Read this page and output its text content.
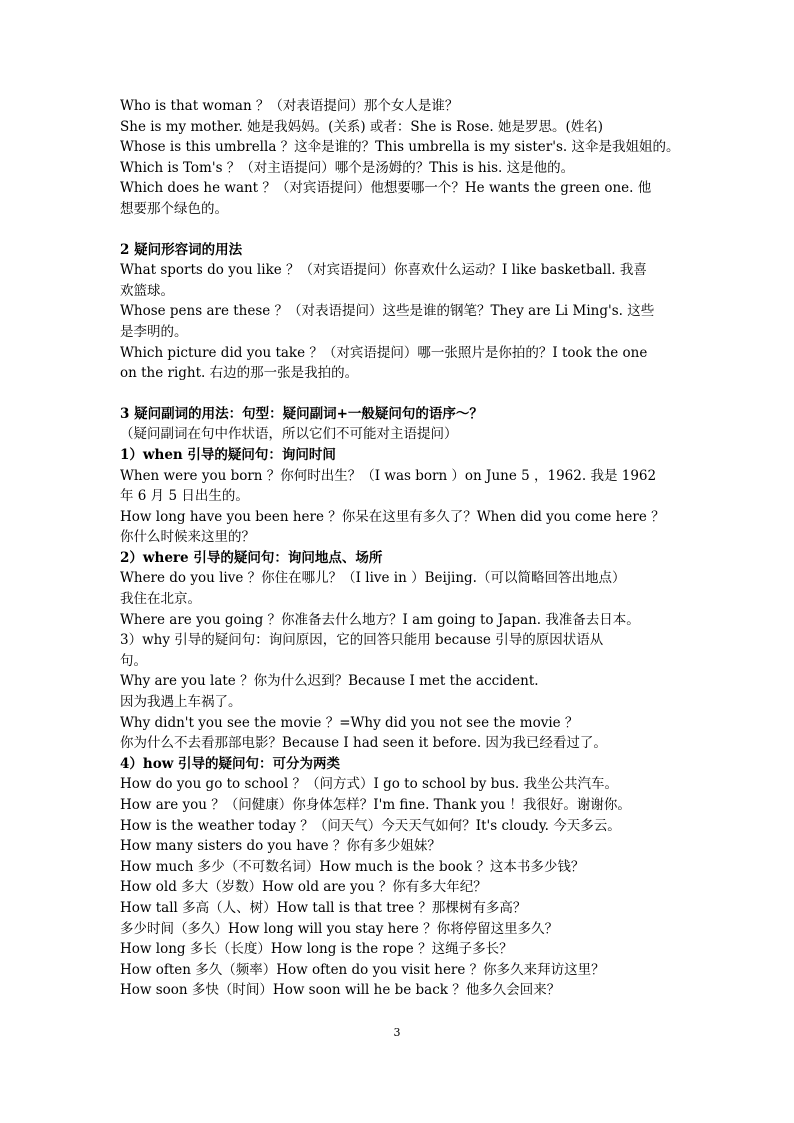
Who is that woman ？（对表语提问）那个女人是谁？
She is my mother. 她是我妈妈。(关系) 或者：She is Rose. 她是罗思。(姓名)
Whose is this umbrella ？这伞是谁的？This umbrella is my sister's. 这伞是我姐姐的。
Which is Tom's ？（对主语提问）哪个是汤姆的？This is his. 这是他的。
Which does he want ？（对宾语提问）他想要哪一个？He wants the green one. 他
想要那个绿色的。
2 疑问形容词的用法
What sports do you like ？（对宾语提问）你喜欢什么运动？I like basketball. 我喜
欢篮球。
Whose pens are these ？（对表语提问）这些是谁的钢笔？They are Li Ming's. 这些
是李明的。
Which picture did you take ？（对宾语提问）哪一张照片是你拍的？I took the one
on the right. 右边的那一张是我拍的。
3 疑问副词的用法：句型：疑问副词+一般疑问句的语序～？
（疑问副词在句中作状语，所以它们不可能对主语提问）
1）when 引导的疑问句：询问时间
When were you born ？你何时出生？（I was born ）on June 5 ，1962. 我是 1962
年 6 月 5 日出生的。
How long have you been here ？你呆在这里有多久了？When did you come here ？
你什么时候来这里的？
2）where 引导的疑问句：询问地点、场所
Where do you live ？你住在哪儿？（I live in ）Beijing.（可以简略回答出地点）
我住在北京。
Where are you going ？你准备去什么地方？I am going to Japan. 我准备去日本。
3）why 引导的疑问句：询问原因，它的回答只能用 because 引导的原因状语从
句。
Why are you late ？你为什么迟到？Because I met the accident.
因为我遇上车祸了。
Why didn't you see the movie ？=Why did you not see the movie ？
你为什么不去看那部电影？Because I had seen it before. 因为我已经看过了。
4）how 引导的疑问句：可分为两类
How do you go to school ？（问方式）I go to school by bus. 我坐公共汽车。
How are you ？（问健康）你身体怎样？I'm fine. Thank you ！我很好。谢谢你。
How is the weather today ？（问天气）今天天气如何？It's cloudy. 今天多云。
How many sisters do you have ？你有多少姐妹？
How much 多少（不可数名词）How much is the book ？这本书多少钱？
How old 多大（岁数）How old are you ？你有多大年纪？
How tall 多高（人、树）How tall is that tree ？那棵树有多高？
多少时间（多久）How long will you stay here ？你将停留这里多久？
How long 多长（长度）How long is the rope ？这绳子多长？
How often 多久（频率）How often do you visit here ？你多久来拜访这里？
How soon 多快（时间）How soon will he be back ？他多久会回来？
3
